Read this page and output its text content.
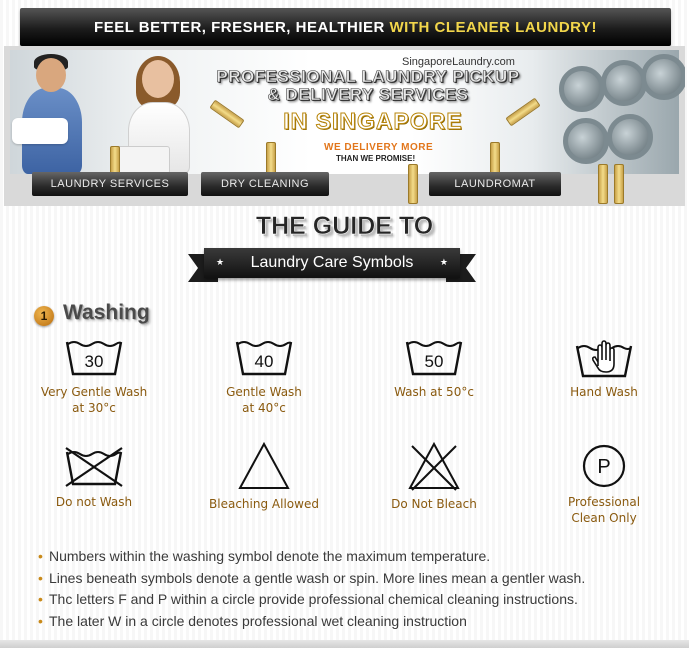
FEEL BETTER, FRESHER, HEALTHIER
WITH CLEANER LAUNDRY!
SingaporeLaundry.com
PROFESSIONAL LAUNDRY PICKUP
& DELIVERY SERVICES
IN SINGAPORE
WE DELIVERY MORE
THAN WE PROMISE!
LAUNDRY SERVICES	DRY CLEANING	LAUNDROMAT
THE GUIDE TO
★ Laundry Care Symbols	★
1 Washing
30
Very Gentle Wash
at 30°c
40
Gentle Wash
at 40°c
50
Wash at 50°c	Hand Wash
Do not Wash	Bleaching Allowed	Do Not Bleach
P
Professional
Clean Only
• Numbers within the washing symbol denote the maximum temperature.
• Lines beneath symbols denote a gentle wash or spin. More lines mean a gentler wash.
• Thc letters F and P within a circle provide professional chemical cleaning instructions.
• The later W in a circle denotes professional wet cleaning instruction
